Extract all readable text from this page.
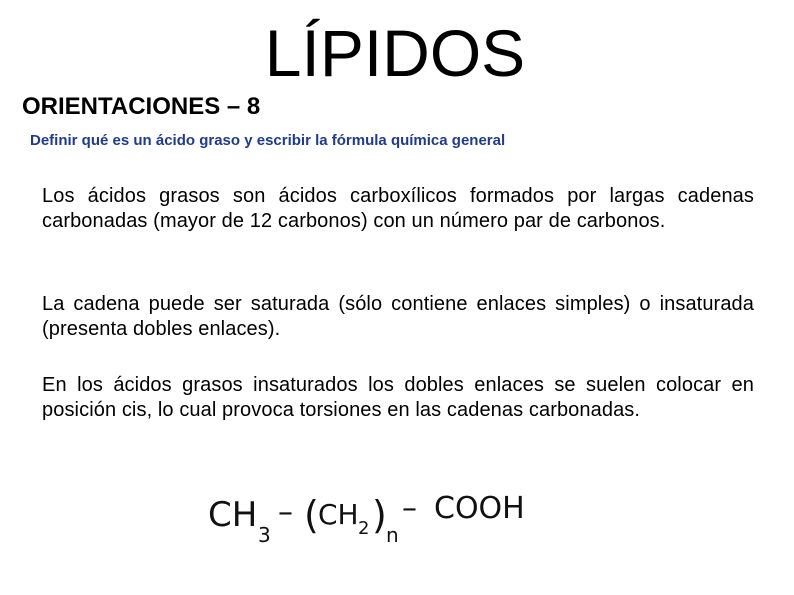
LÍPIDOS
ORIENTACIONES – 8

Definir qué es un ácido graso y escribir la fórmula química general

Los ácidos grasos son ácidos carboxílicos formados por largas cadenas carbonadas (mayor de 12 carbonos) con un número par de carbonos.

La cadena puede ser saturada (sólo contiene enlaces simples) o insaturada (presenta dobles enlaces).

En los ácidos grasos insaturados los dobles enlaces se suelen colocar en posición cis, lo cual provoca torsiones en las cadenas carbonadas.

CH 3
– ( CH 2 ) n
– COOH
